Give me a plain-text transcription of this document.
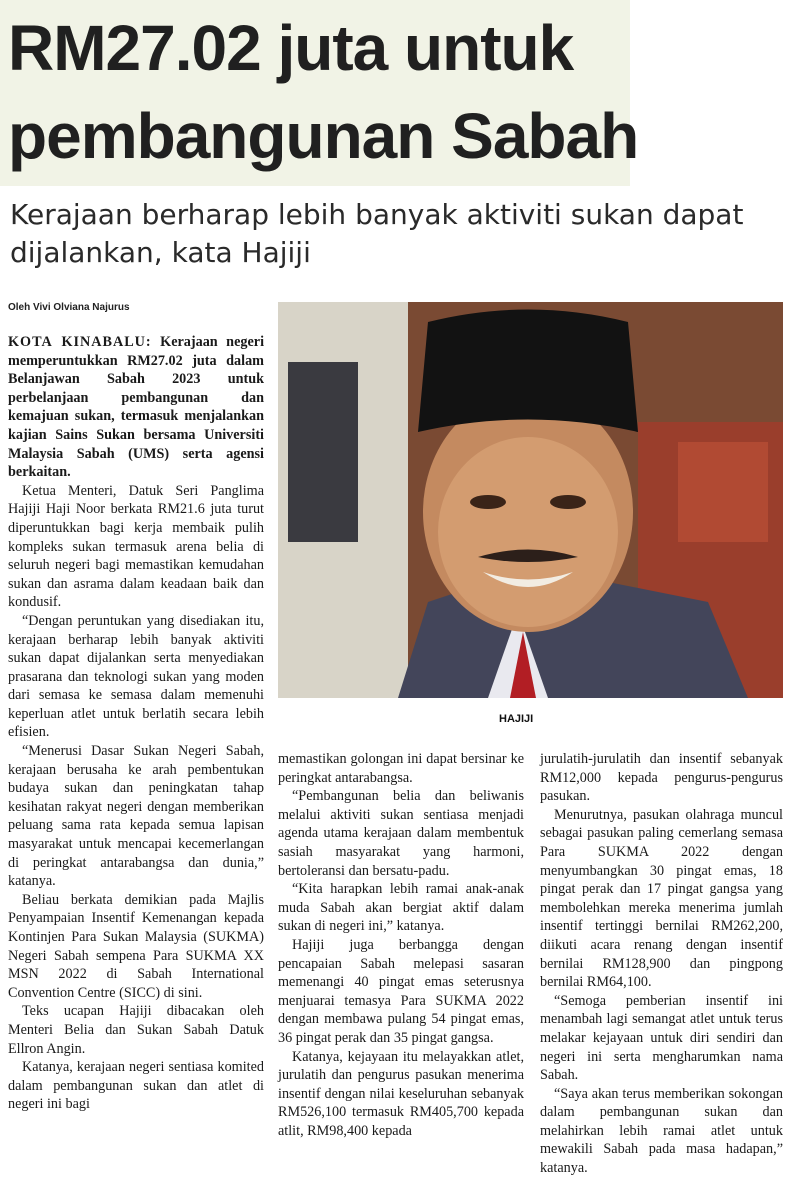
RM27.02 juta untuk
pembangunan Sabah

Kerajaan berharap lebih banyak aktiviti sukan dapat dijalankan, kata Hajiji

Oleh Vivi Olviana Najurus

HAJIJI

KOTA KINABALU: Kerajaan negeri memperuntukkan RM27.02 juta dalam Belanjawan Sabah 2023 untuk perbelanjaan pembangunan dan kemajuan sukan, termasuk menjalankan kajian Sains Sukan bersama Universiti Malaysia Sabah (UMS) serta agensi berkaitan.

Ketua Menteri, Datuk Seri Panglima Hajiji Haji Noor berkata RM21.6 juta turut diperuntukkan bagi kerja membaik pulih kompleks sukan termasuk arena belia di seluruh negeri bagi memastikan kemudahan sukan dan asrama dalam keadaan baik dan kondusif.

“Dengan peruntukan yang disediakan itu, kerajaan berharap lebih banyak aktiviti sukan dapat dijalankan serta menyediakan prasarana dan teknologi sukan yang moden dari semasa ke semasa dalam memenuhi keperluan atlet untuk berlatih secara lebih efisien.

“Menerusi Dasar Sukan Negeri Sabah, kerajaan berusaha ke arah pembentukan budaya sukan dan peningkatan tahap kesihatan rakyat negeri dengan memberikan peluang sama rata kepada semua lapisan masyarakat untuk mencapai kecemerlangan di peringkat antarabangsa dan dunia,” katanya.

Beliau berkata demikian pada Majlis Penyampaian Insentif Kemenangan kepada Kontinjen Para Sukan Malaysia (SUKMA) Negeri Sabah sempena Para SUKMA XX MSN 2022 di Sabah International Convention Centre (SICC) di sini.

Teks ucapan Hajiji dibacakan oleh Menteri Belia dan Sukan Sabah Datuk Ellron Angin.

Katanya, kerajaan negeri sentiasa komited dalam pembangunan sukan dan atlet di negeri ini bagi

memastikan golongan ini dapat bersinar ke peringkat antarabangsa.

“Pembangunan belia dan beliwanis melalui aktiviti sukan sentiasa menjadi agenda utama kerajaan dalam membentuk sasiah masyarakat yang harmoni, bertoleransi dan bersatu-padu.

“Kita harapkan lebih ramai anak-anak muda Sabah akan bergiat aktif dalam sukan di negeri ini,” katanya.

Hajiji juga berbangga dengan pencapaian Sabah melepasi sasaran memenangi 40 pingat emas seterusnya menjuarai temasya Para SUKMA 2022 dengan membawa pulang 54 pingat emas, 36 pingat perak dan 35 pingat gangsa.

Katanya, kejayaan itu melayakkan atlet, jurulatih dan pengurus pasukan menerima insentif dengan nilai keseluruhan sebanyak RM526,100 termasuk RM405,700 kepada atlit, RM98,400 kepada

jurulatih-jurulatih dan insentif sebanyak RM12,000 kepada pengurus-pengurus pasukan.

Menurutnya, pasukan olahraga muncul sebagai pasukan paling cemerlang semasa Para SUKMA 2022 dengan menyumbangkan 30 pingat emas, 18 pingat perak dan 17 pingat gangsa yang membolehkan mereka menerima jumlah insentif tertinggi bernilai RM262,200, diikuti acara renang dengan insentif bernilai RM128,900 dan pingpong bernilai RM64,100.

“Semoga pemberian insentif ini menambah lagi semangat atlet untuk terus melakar kejayaan untuk diri sendiri dan negeri ini serta mengharumkan nama Sabah.

“Saya akan terus memberikan sokongan dalam pembangunan sukan dan melahirkan lebih ramai atlet untuk mewakili Sabah pada masa hadapan,” katanya.
